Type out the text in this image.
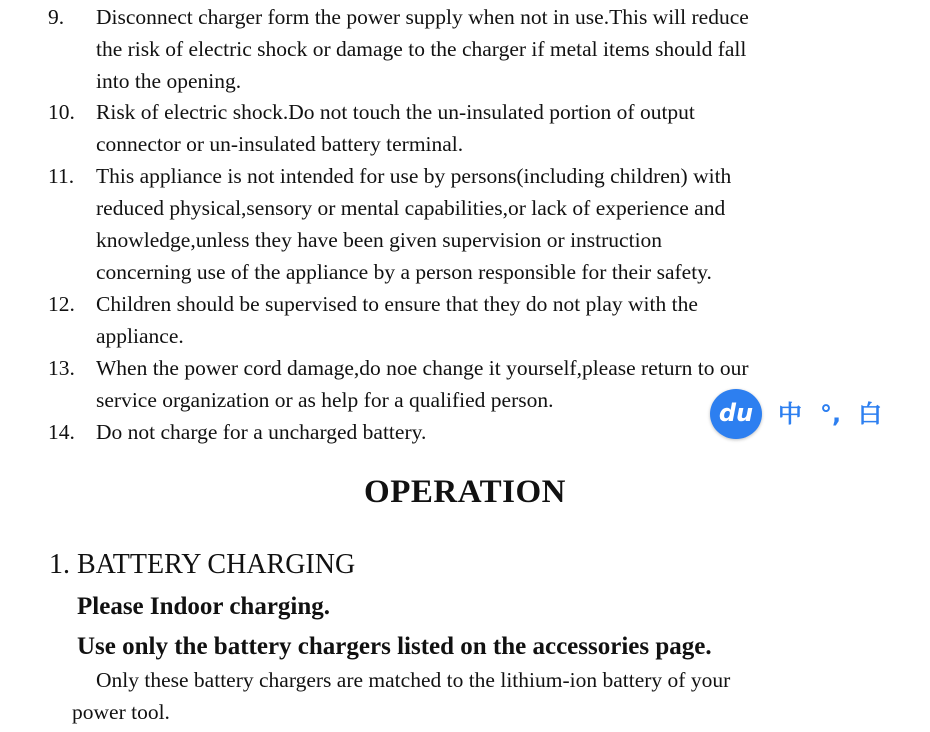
9. Disconnect charger form the power supply when not in use.This will reduce
the risk of electric shock or damage to the charger if metal items should fall
into the opening.
10. Risk of electric shock.Do not touch the un-insulated portion of output
connector or un-insulated battery terminal.
11. This appliance is not intended for use by persons(including children) with
reduced physical,sensory or mental capabilities,or lack of experience and
knowledge,unless they have been given supervision or instruction
concerning use of the appliance by a person responsible for their safety.
12. Children should be supervised to ensure that they do not play with the
appliance.
13. When the power cord damage,do noe change it yourself,please return to our
service organization or as help for a qualified person.
14. Do not charge for a uncharged battery.
OPERATION
1. BATTERY CHARGING
Please Indoor charging.
Use only the battery chargers listed on the accessories page.
Only these battery chargers are matched to the lithium-ion battery of your
power tool.
du	中 °, 白
